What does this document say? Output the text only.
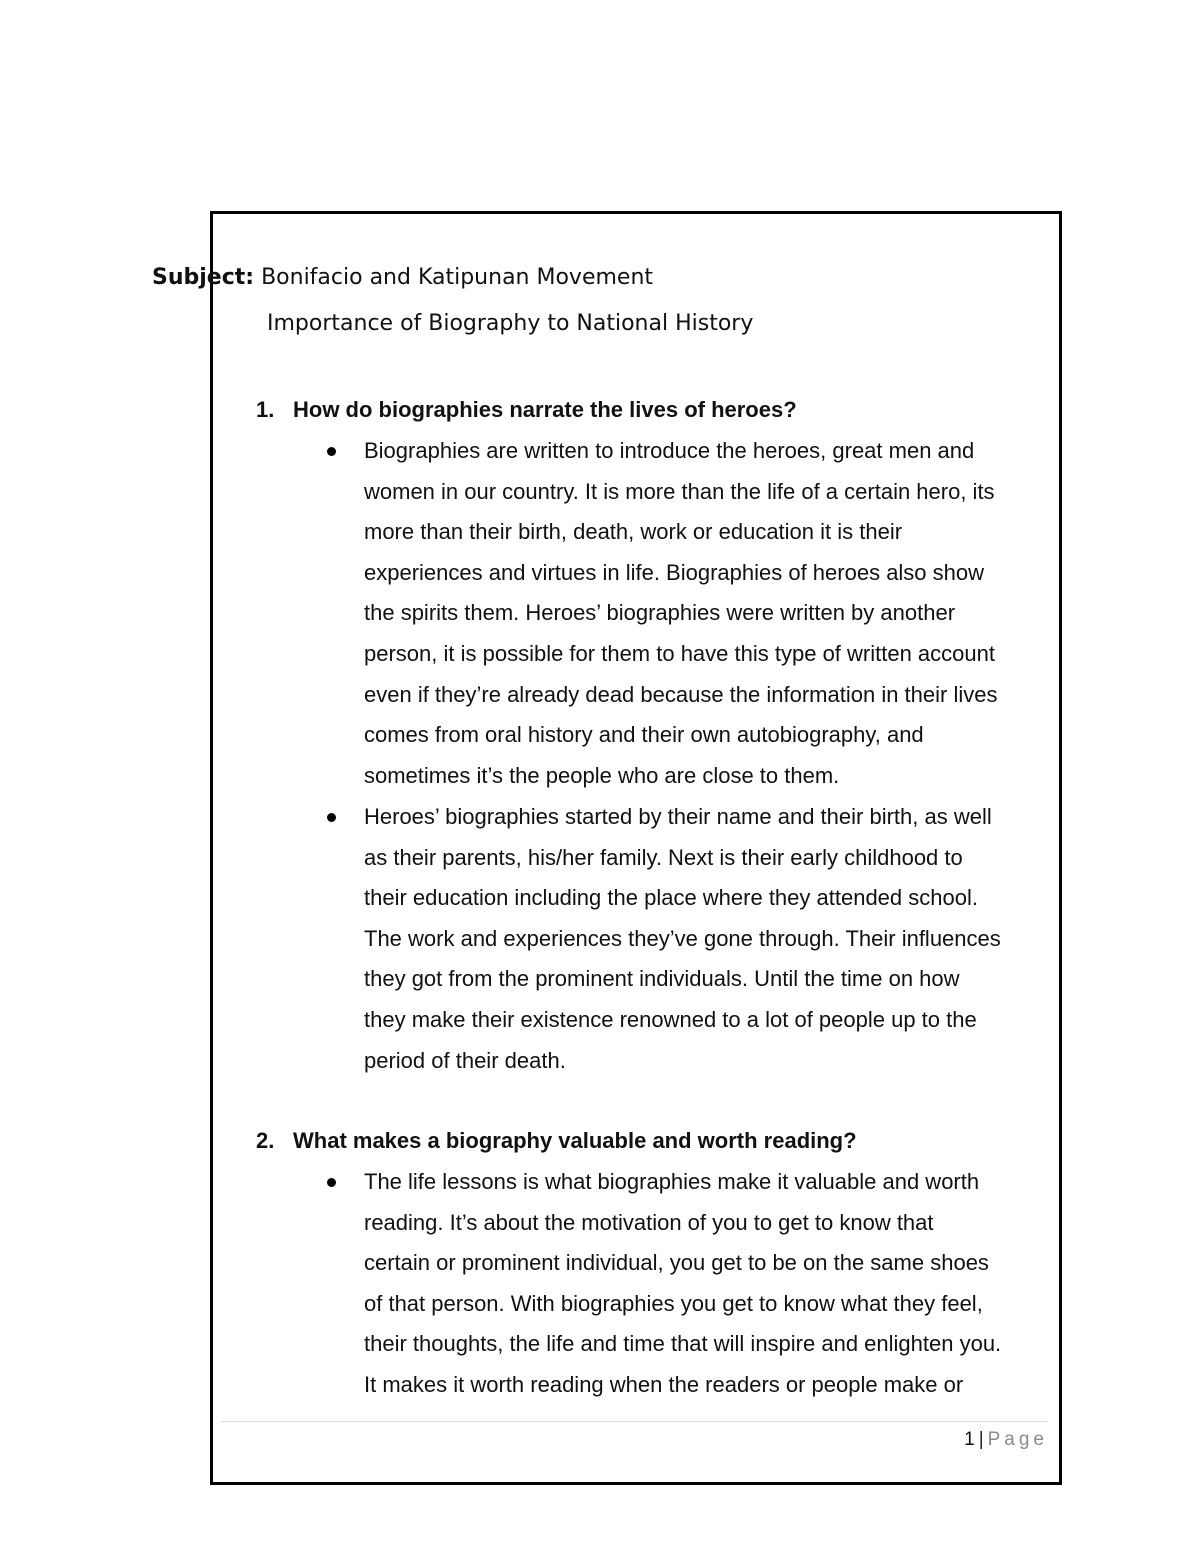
Subject: Bonifacio and Katipunan Movement
Importance of Biography to National History
1. How do biographies narrate the lives of heroes?
Biographies are written to introduce the heroes, great men and
women in our country. It is more than the life of a certain hero, its
more than their birth, death, work or education it is their
experiences and virtues in life. Biographies of heroes also show
the spirits them. Heroes’ biographies were written by another
person, it is possible for them to have this type of written account
even if they’re already dead because the information in their lives
comes from oral history and their own autobiography, and
sometimes it’s the people who are close to them.
Heroes’ biographies started by their name and their birth, as well
as their parents, his/her family. Next is their early childhood to
their education including the place where they attended school.
The work and experiences they’ve gone through. Their influences
they got from the prominent individuals. Until the time on how
they make their existence renowned to a lot of people up to the
period of their death.
2. What makes a biography valuable and worth reading?
The life lessons is what biographies make it valuable and worth
reading. It’s about the motivation of you to get to know that
certain or prominent individual, you get to be on the same shoes
of that person. With biographies you get to know what they feel,
their thoughts, the life and time that will inspire and enlighten you.
It makes it worth reading when the readers or people make or
1 | Page
